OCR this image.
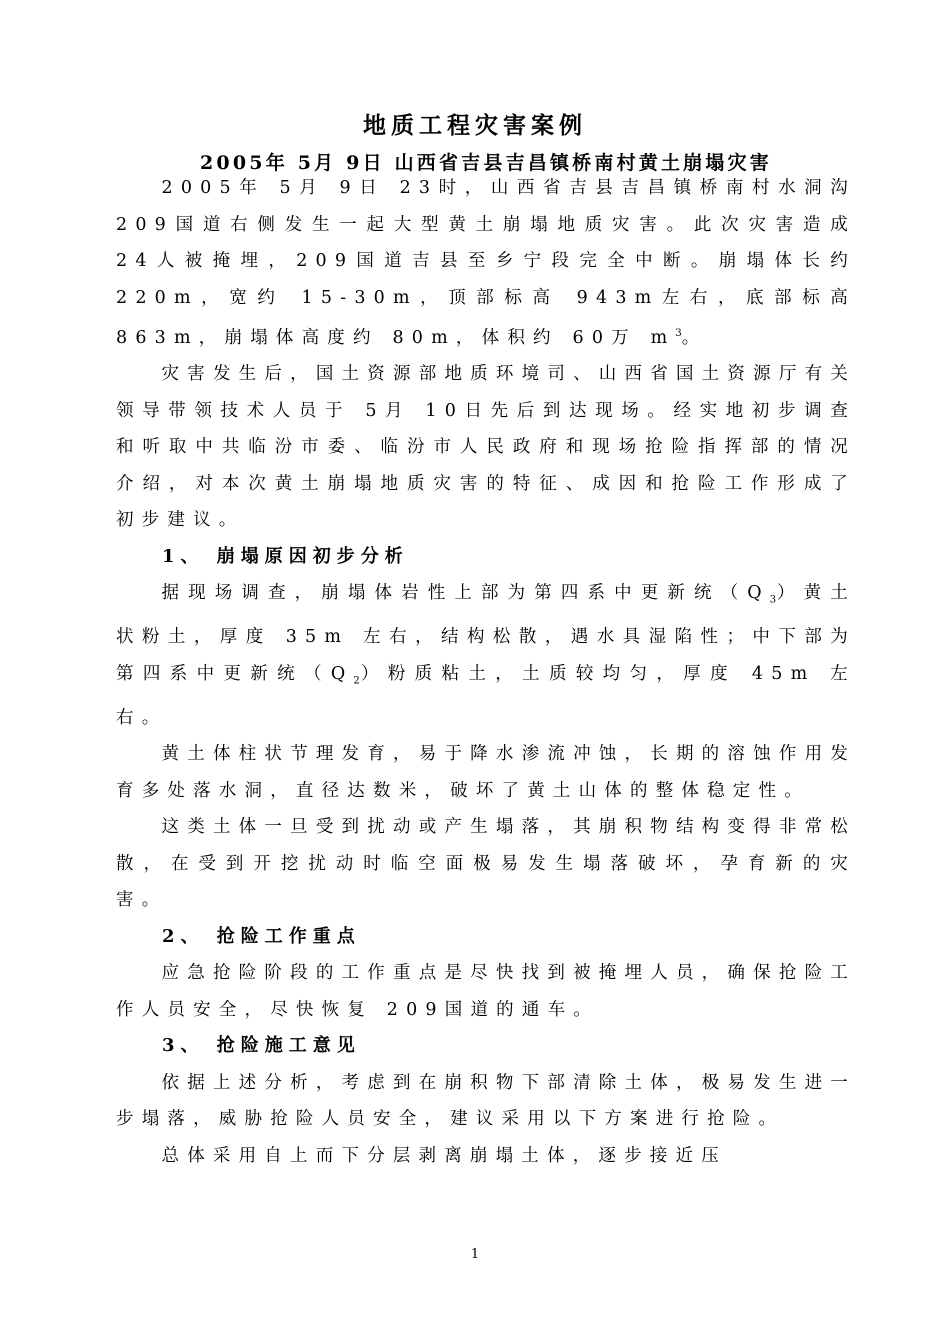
地质工程灾害案例
2005年 5月 9日 山西省吉县吉昌镇桥南村黄土崩塌灾害

2005年 5月 9日 23时，山西省吉县吉昌镇桥南村水洞沟 209国道右侧发生一起大型黄土崩塌地质灾害。此次灾害造成 24人被掩埋，209国道吉县至乡宁段完全中断。崩塌体长约 220m，宽约 15-30m，顶部标高 943m左右，底部标高 863m，崩塌体高度约 80m，体积约 60万 $m^3$。

灾害发生后，国土资源部地质环境司、山西省国土资源厅有关领导带领技术人员于 5月 10日先后到达现场。经实地初步调查和听取中共临汾市委、临汾市人民政府和现场抢险指挥部的情况介绍，对本次黄土崩塌地质灾害的特征、成因和抢险工作形成了初步建议。

1、 崩塌原因初步分析

据现场调查，崩塌体岩性上部为第四系中更新统$(Q_3)$黄土状粉土，厚度 35m 左右，结构松散，遇水具湿陷性；中下部为第四系中更新统$(Q_2)$粉质粘土，土质较均匀，厚度 45m 左右。

黄土体柱状节理发育，易于降水渗流冲蚀，长期的溶蚀作用发育多处落水洞，直径达数米，破坏了黄土山体的整体稳定性。

这类土体一旦受到扰动或产生塌落，其崩积物结构变得非常松散，在受到开挖扰动时临空面极易发生塌落破坏，孕育新的灾害。

2、 抢险工作重点

应急抢险阶段的工作重点是尽快找到被掩埋人员，确保抢险工作人员安全，尽快恢复 209国道的通车。

3、 抢险施工意见

依据上述分析，考虑到在崩积物下部清除土体，极易发生进一步塌落，威胁抢险人员安全，建议采用以下方案进行抢险。

总体采用自上而下分层剥离崩塌土体，逐步接近压

1
